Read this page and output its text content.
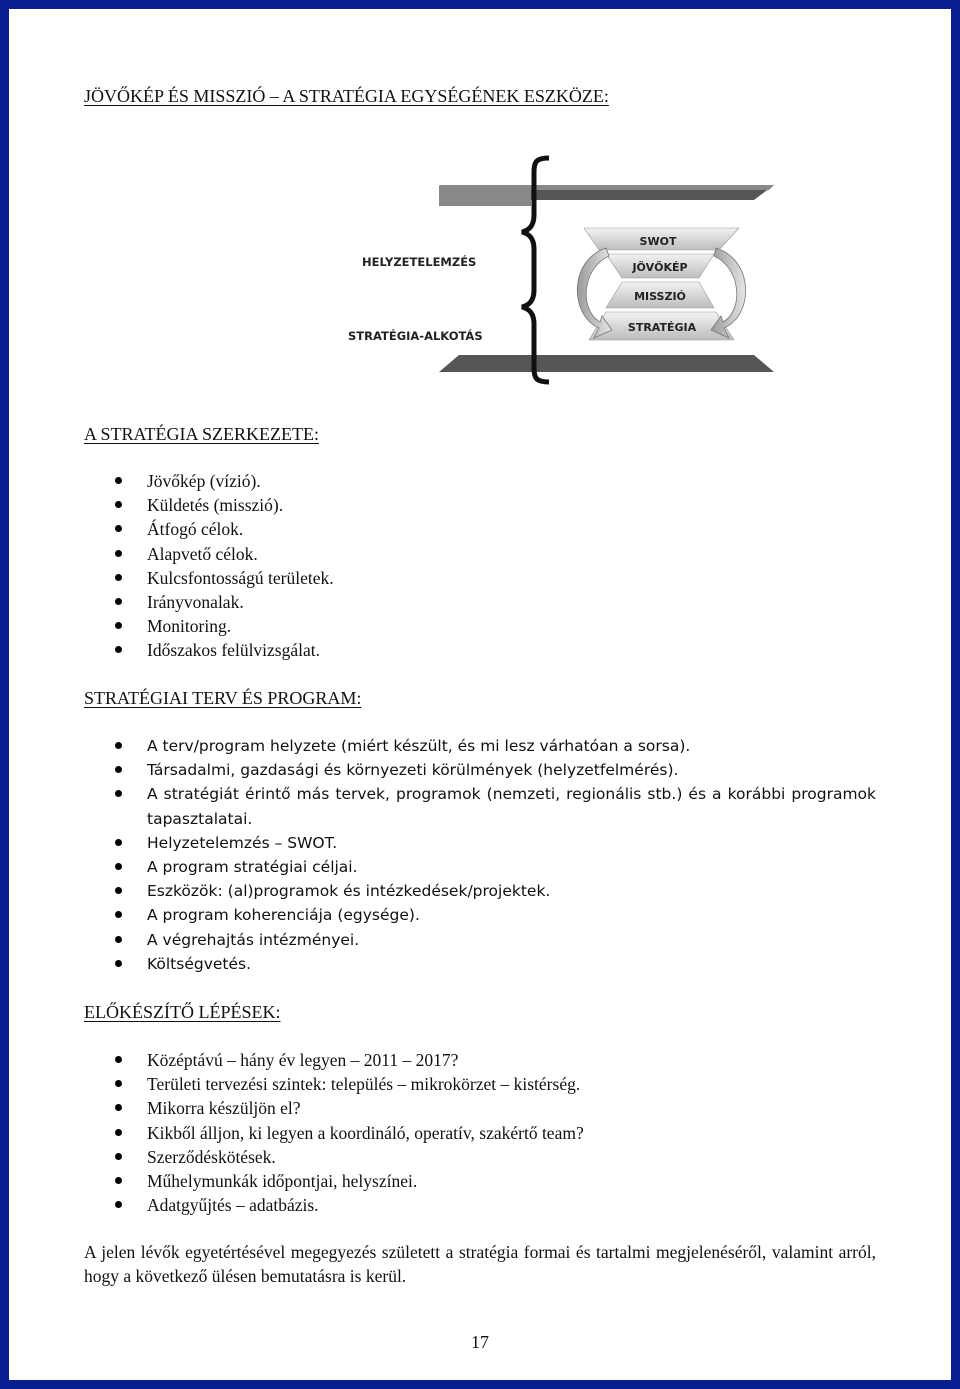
JÖVŐKÉP ÉS MISSZIÓ – A STRATÉGIA EGYSÉGÉNEK ESZKÖZE:
HELYZETELEMZÉS
STRATÉGIA-ALKOTÁS
SWOT
JÖVŐKÉP
MISSZIÓ
STRATÉGIA
A STRATÉGIA SZERKEZETE:
Jövőkép (vízió).
Küldetés (misszió).
Átfogó célok.
Alapvető célok.
Kulcsfontosságú területek.
Irányvonalak.
Monitoring.
Időszakos felülvizsgálat.
STRATÉGIAI TERV ÉS PROGRAM:
A terv/program helyzete (miért készült, és mi lesz várhatóan a sorsa).
Társadalmi, gazdasági és környezeti körülmények (helyzetfelmérés).
A stratégiát érintő más tervek, programok (nemzeti, regionális stb.) és a korábbi programok tapasztalatai.
Helyzetelemzés – SWOT.
A program stratégiai céljai.
Eszközök: (al)programok és intézkedések/projektek.
A program koherenciája (egysége).
A végrehajtás intézményei.
Költségvetés.
ELŐKÉSZÍTŐ LÉPÉSEK:
Középtávú – hány év legyen – 2011 – 2017?
Területi tervezési szintek: település – mikrokörzet – kistérség.
Mikorra készüljön el?
Kikből álljon, ki legyen a koordináló, operatív, szakértő team?
Szerződéskötések.
Műhelymunkák időpontjai, helyszínei.
Adatgyűjtés – adatbázis.
A jelen lévők egyetértésével megegyezés született a stratégia formai és tartalmi megjelenéséről, valamint arról, hogy a következő ülésen bemutatásra is kerül.
17
